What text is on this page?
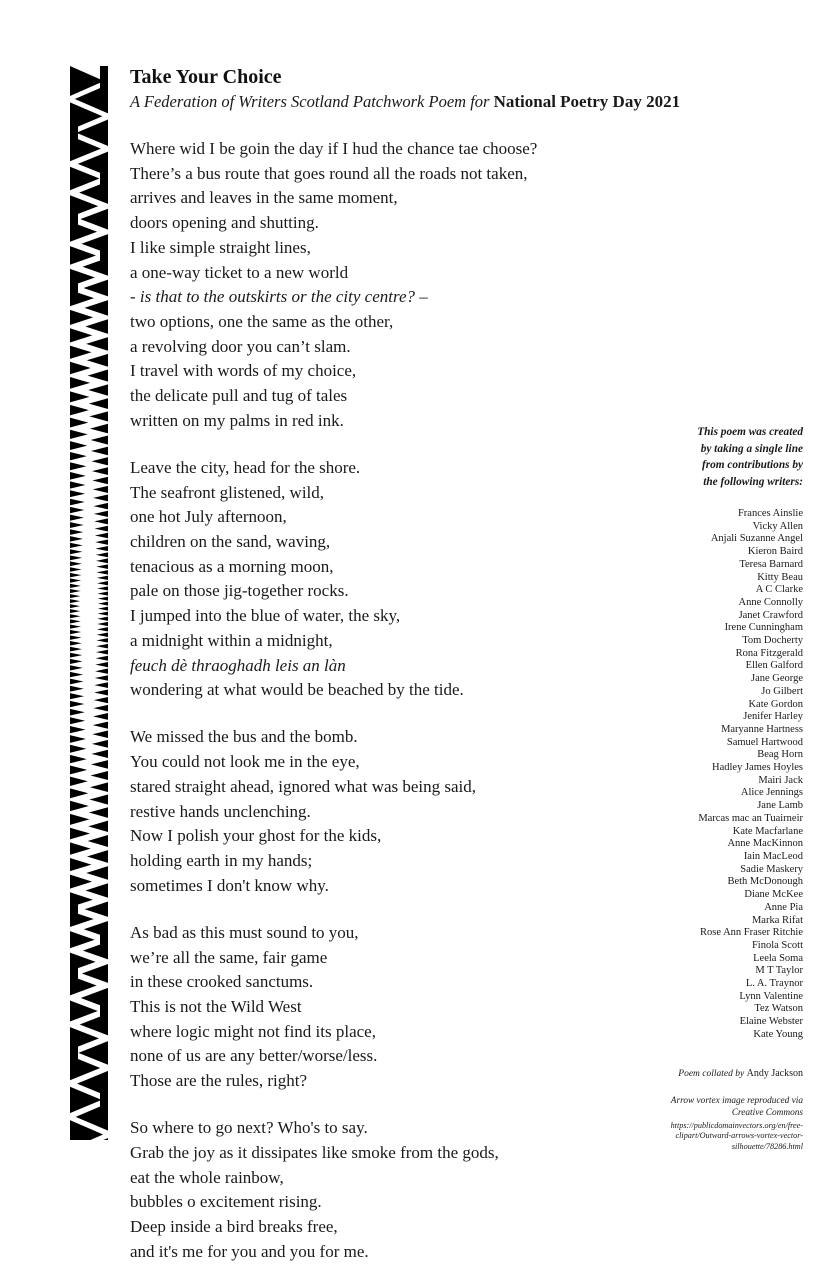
Take Your Choice
A Federation of Writers Scotland Patchwork Poem for National Poetry Day 2021
Where wid I be goin the day if I hud the chance tae choose?
There’s a bus route that goes round all the roads not taken,
arrives and leaves in the same moment,
doors opening and shutting.
I like simple straight lines,
a one-way ticket to a new world
- is that to the outskirts or the city centre? –
two options, one the same as the other,
a revolving door you can’t slam.
I travel with words of my choice,
the delicate pull and tug of tales
written on my palms in red ink.
Leave the city, head for the shore.
The seafront glistened, wild,
one hot July afternoon,
children on the sand, waving,
tenacious as a morning moon,
pale on those jig-together rocks.
I jumped into the blue of water, the sky,
a midnight within a midnight,
feuch dè thraoghadh leis an làn
wondering at what would be beached by the tide.
We missed the bus and the bomb.
You could not look me in the eye,
stared straight ahead, ignored what was being said,
restive hands unclenching.
Now I polish your ghost for the kids,
holding earth in my hands;
sometimes I don't know why.
As bad as this must sound to you,
we’re all the same, fair game
in these crooked sanctums.
This is not the Wild West
where logic might not find its place,
none of us are any better/worse/less.
Those are the rules, right?
So where to go next? Who's to say.
Grab the joy as it dissipates like smoke from the gods,
eat the whole rainbow,
bubbles o excitement rising.
Deep inside a bird breaks free,
and it's me for you and you for me.
This poem was created
by taking a single line
from contributions by
the following writers:
Frances Ainslie
Vicky Allen
Anjali Suzanne Angel
Kieron Baird
Teresa Barnard
Kitty Beau
A C Clarke
Anne Connolly
Janet Crawford
Irene Cunningham
Tom Docherty
Rona Fitzgerald
Ellen Galford
Jane George
Jo Gilbert
Kate Gordon
Jenifer Harley
Maryanne Hartness
Samuel Hartwood
Beag Horn
Hadley James Hoyles
Mairi Jack
Alice Jennings
Jane Lamb
Marcas mac an Tuairneir
Kate Macfarlane
Anne MacKinnon
Iain MacLeod
Sadie Maskery
Beth McDonough
Diane McKee
Anne Pia
Marka Rifat
Rose Ann Fraser Ritchie
Finola Scott
Leela Soma
M T Taylor
L. A. Traynor
Lynn Valentine
Tez Watson
Elaine Webster
Kate Young
Poem collated by Andy Jackson
Arrow vortex image reproduced via
Creative Commons
https://publicdomainvectors.org/en/free-
clipart/Outward-arrows-vortex-vector-
silhouette/78286.html
